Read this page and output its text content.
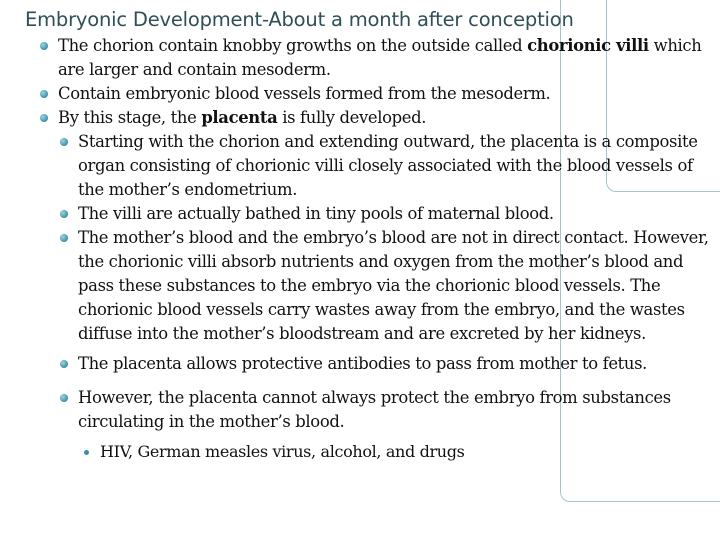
Embryonic Development-About a month after conception
The chorion contain knobby growths on the outside called chorionic villi which are larger and contain mesoderm.
Contain embryonic blood vessels formed from the mesoderm.
By this stage, the placenta is fully developed.
Starting with the chorion and extending outward, the placenta is a composite organ consisting of chorionic villi closely associated with the blood vessels of the mother’s endometrium.
The villi are actually bathed in tiny pools of maternal blood.
The mother’s blood and the embryo’s blood are not in direct contact. However, the chorionic villi absorb nutrients and oxygen from the mother’s blood and pass these substances to the embryo via the chorionic blood vessels. The chorionic blood vessels carry wastes away from the embryo, and the wastes diffuse into the mother’s bloodstream and are excreted by her kidneys.
The placenta allows protective antibodies to pass from mother to fetus.
However, the placenta cannot always protect the embryo from substances circulating in the mother’s blood.
HIV, German measles virus, alcohol, and drugs
